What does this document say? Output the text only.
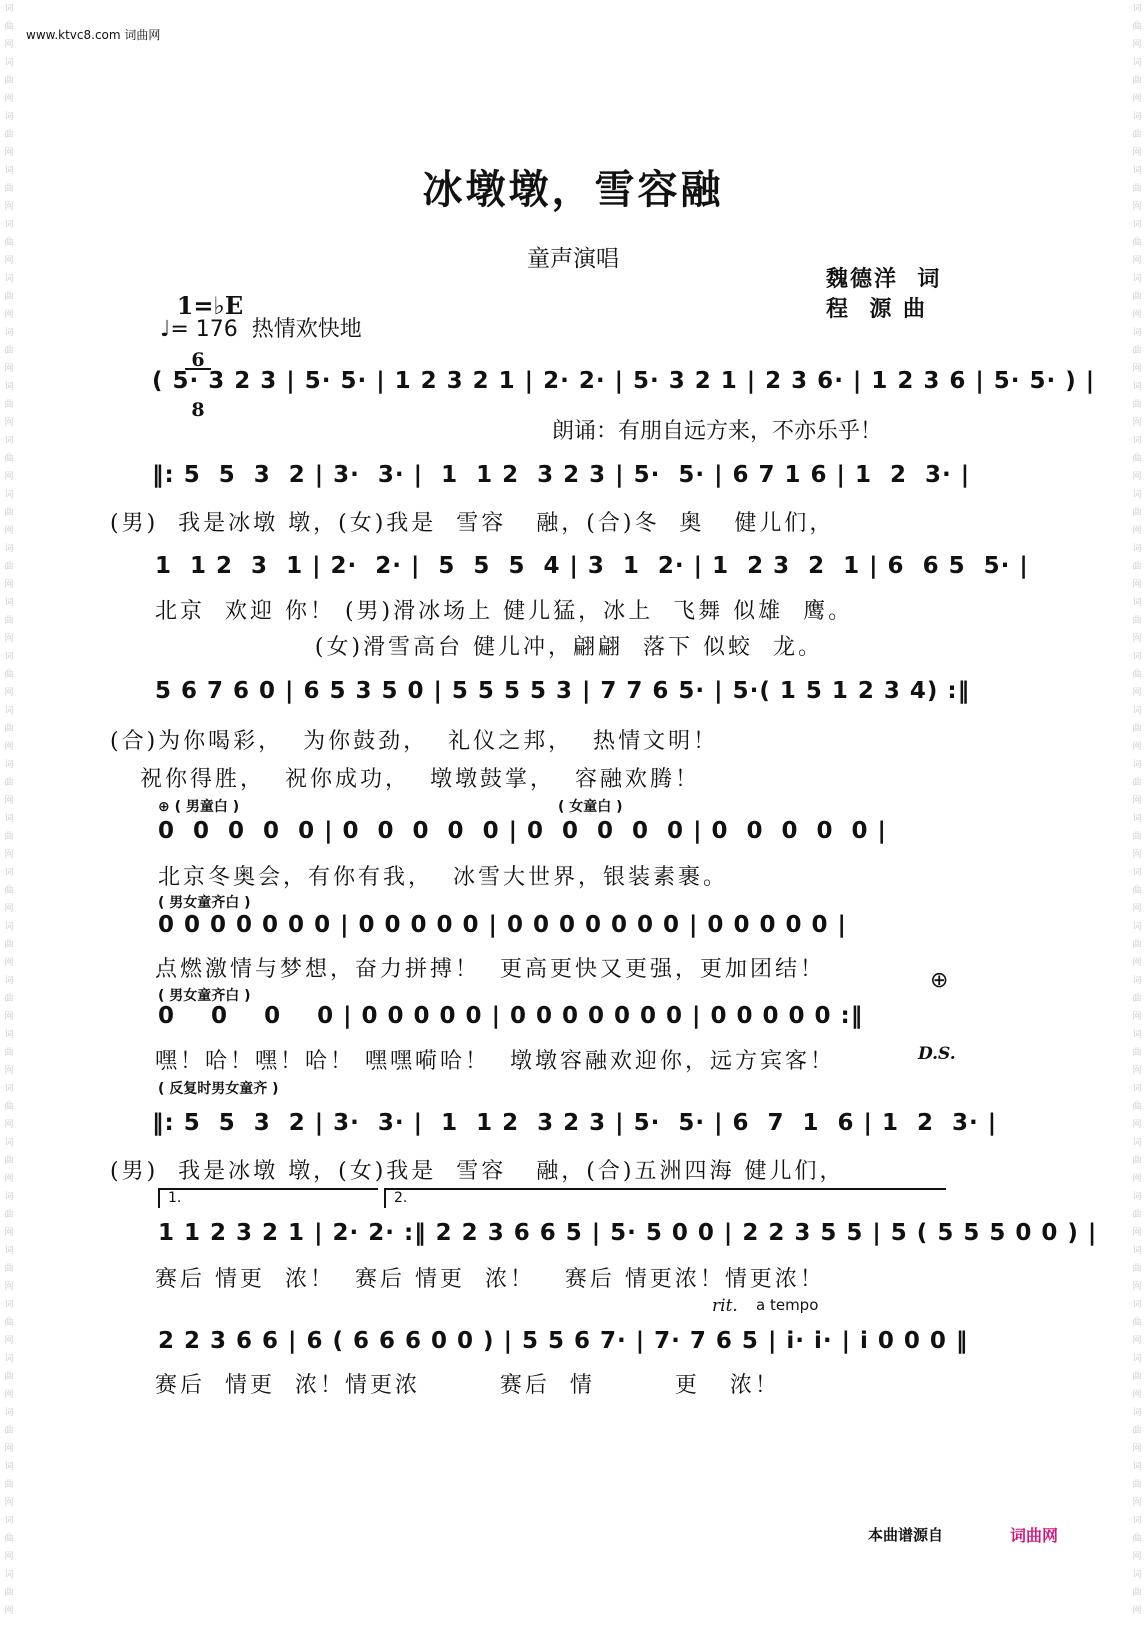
词
曲
网
词
曲
网
词
曲
网
词
曲
网
词
曲
网
词
曲
网
词
曲
网
词
曲
网
词
曲
网
词
曲
网
词
曲
网
词
曲
网
词
曲
网
词
曲
网
词
曲
网
词
曲
网
词
曲
网
词
曲
网
词
曲
网
词
曲
网
词
曲
网
词
曲
网
词
曲
网
词
曲
网
词
曲
网
词
曲
网
词
曲
网
词
曲
网
词
曲
网
词
曲
网
词
曲
网
词
曲
网
词
曲
网
词
曲
网
词
曲
网
词
曲
网
词
曲
网
词
曲
网
词
曲
网
词
曲
网
词
曲
网
词
曲
网
词
曲
网
词
曲
网
词
曲
网
词
曲
网
词
曲
网
词
曲
网
词
曲
网
词
曲
网
词
曲
网
词
曲
网
词
曲
网
词
曲
网
词
曲
网
词
曲
网
词
曲
网
词
曲
网
词
曲
网
词
曲
网
www.ktvc8.com 词曲网
冰墩墩，雪容融
童声演唱

1=♭E

$\frac{6}{8}$

♩= 176  热情欢快地
魏德洋  词
程  源 曲
( 5· 3 2 3 | 5· 5· | 1 2 3 2 1 | 2· 2· | 5· 3 2 1 | 2 3 6· | 1 2 3 6 | 5· 5· ) |
朗诵：有朋自远方来，不亦乐乎！
‖: 5  5  3  2 | 3·  3· |  1  1 2  3 2 3 | 5·  5· | 6 7 1 6 | 1  2  3· |
(男)  我是冰墩 墩，(女)我是  雪容   融，(合)冬  奥   健儿们，
1  1 2  3  1 | 2·  2· |  5  5  5  4 | 3  1  2· | 1  2 3  2  1 | 6  6 5  5· |
北京  欢迎 你！ (男)滑冰场上 健儿猛，冰上  飞舞 似雄  鹰。
(女)滑雪高台 健儿冲，翩翩  落下 似蛟  龙。
5 6 7 6 0 | 6 5 3 5 0 | 5 5 5 5 3 | 7 7 6 5· | 5·( 1 5 1 2 3 4) :‖
(合)为你喝彩，  为你鼓劲，  礼仪之邦，  热情文明！
祝你得胜，  祝你成功，  墩墩鼓掌，  容融欢腾！
⊕ ( 男童白 )	( 女童白 )
0  0  0  0  0 | 0  0  0  0  0 | 0  0  0  0  0 | 0  0  0  0  0 |
北京冬奥会，有你有我，  冰雪大世界，银装素裹。
( 男女童齐白 )
0 0 0 0 0 0 0 | 0 0 0 0 0 | 0 0 0 0 0 0 0 | 0 0 0 0 0 |
点燃激情与梦想，奋力拼搏！  更高更快又更强，更加团结！
( 男女童齐白 )
0    0    0    0 | 0 0 0 0 0 | 0 0 0 0 0 0 0 | 0 0 0 0 0 :‖
嘿！哈！嘿！哈！ 嘿嘿嗬哈！  墩墩容融欢迎你，远方宾客！
⊕
D.S.
( 反复时男女童齐 )
‖: 5  5  3  2 | 3·  3· |  1  1 2  3 2 3 | 5·  5· | 6  7  1  6 | 1  2  3· |
(男)  我是冰墩 墩，(女)我是  雪容   融，(合)五洲四海 健儿们，
1.	2.
1 1 2 3 2 1 | 2· 2· :‖ 2 2 3 6 6 5 | 5· 5 0 0 | 2 2 3 5 5 | 5 ( 5 5 5 0 0 ) |
赛后 情更  浓！  赛后 情更  浓！   赛后 情更浓！情更浓！
rit. a tempo
2 2 3 6 6 | 6 ( 6 6 6 0 0 ) | 5 5 6 7· | 7· 7 6 5 | i· i· | i 0 0 0 ‖
赛后  情更  浓！情更浓        赛后  情        更   浓！
本曲谱源自	词曲网
